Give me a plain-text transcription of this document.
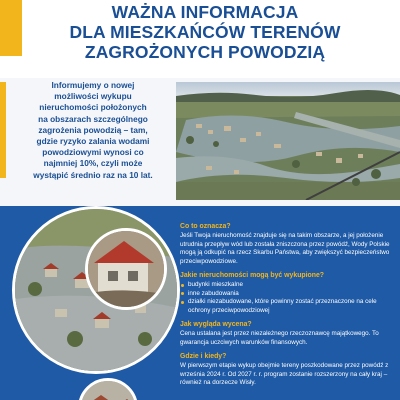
WAŻNA INFORMACJA
DLA MIESZKAŃCÓW TERENÓW
ZAGROŻONYCH POWODZIĄ
Informujemy o nowej
możliwości wykupu
nieruchomości położonych
na obszarach szczególnego
zagrożenia powodzią – tam,
gdzie ryzyko zalania wodami
powodziowymi wynosi co
najmniej 10%, czyli może
wystąpić średnio raz na 10 lat.
Co to oznacza?

Jeśli Twoja nieruchomość znajduje się na takim obszarze, a jej położenie utrudnia przepływ wód lub została zniszczona przez powódź, Wody Polskie mogą ją odkupić na rzecz Skarbu Państwa, aby zwiększyć bezpieczeństwo przeciwpowodziowe.

Jakie nieruchomości mogą być wykupione?
budynki mieszkalne
inne zabudowania
działki niezabudowane, które powinny zostać przeznaczone na cele ochrony przeciwpowodziowej
Jak wygląda wycena?

Cena ustalana jest przez niezależnego rzeczoznawcę majątkowego. To gwarancja uczciwych warunków finansowych.

Gdzie i kiedy?

W pierwszym etapie wykup obejmie tereny poszkodowane przez powódź z września 2024 r. Od 2027 r. r. program zostanie rozszerzony na cały kraj – również na dorzecze Wisły.
